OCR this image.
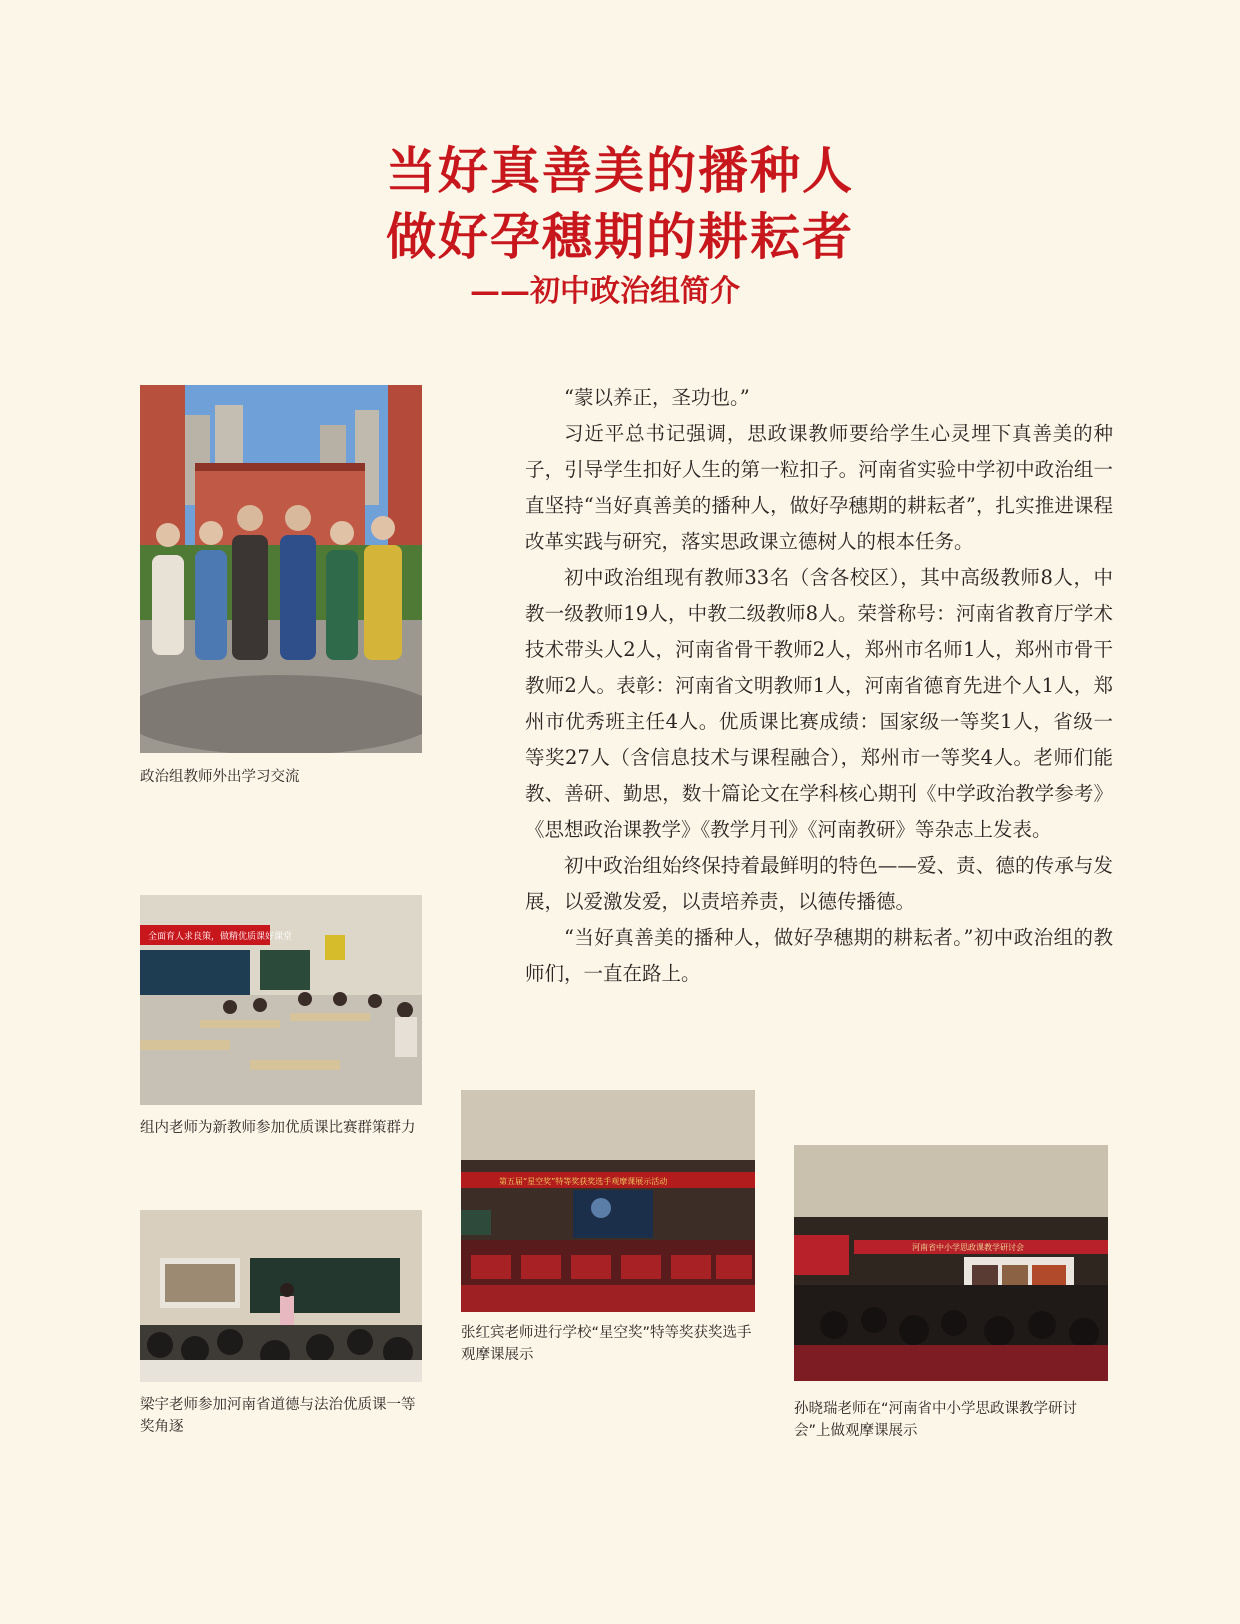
当好真善美的播种人
做好孕穗期的耕耘者
——初中政治组简介

“蒙以养正，圣功也。”

习近平总书记强调，思政课教师要给学生心灵埋下真善美的种子，引导学生扣好人生的第一粒扣子。河南省实验中学初中政治组一直坚持“当好真善美的播种人，做好孕穗期的耕耘者”，扎实推进课程改革实践与研究，落实思政课立德树人的根本任务。

初中政治组现有教师33名（含各校区），其中高级教师8人，中教一级教师19人，中教二级教师8人。荣誉称号：河南省教育厅学术技术带头人2人，河南省骨干教师2人，郑州市名师1人，郑州市骨干教师2人。表彰：河南省文明教师1人，河南省德育先进个人1人，郑州市优秀班主任4人。优质课比赛成绩：国家级一等奖1人，省级一等奖27人（含信息技术与课程融合），郑州市一等奖4人。老师们能教、善研、勤思，数十篇论文在学科核心期刊《中学政治教学参考》《思想政治课教学》《教学月刊》《河南教研》等杂志上发表。

初中政治组始终保持着最鲜明的特色——爱、责、德的传承与发展，以爱激发爱，以责培养责，以德传播德。

“当好真善美的播种人，做好孕穗期的耕耘者。”初中政治组的教师们，一直在路上。

政治组教师外出学习交流
全面育人求良策，做精优质课好课堂
组内老师为新教师参加优质课比赛群策群力
梁宇老师参加河南省道德与法治优质课一等奖角逐
第五届“星空奖”特等奖获奖选手观摩课展示活动
张红宾老师进行学校“星空奖”特等奖获奖选手观摩课展示
河南省中小学思政课教学研讨会
孙晓瑞老师在“河南省中小学思政课教学研讨会”上做观摩课展示
